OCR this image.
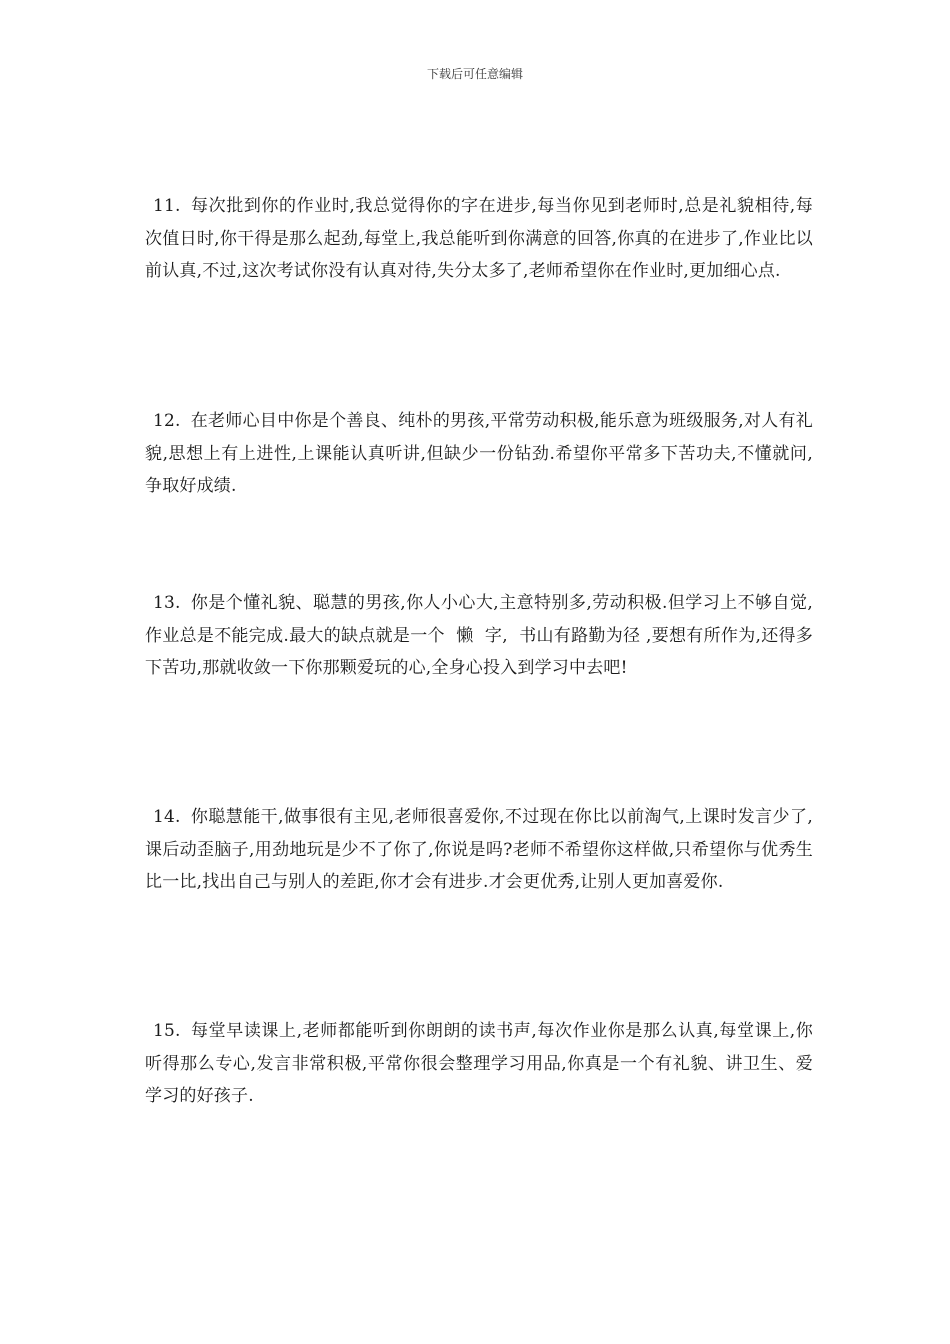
下载后可任意编辑

11. 每次批到你的作业时,我总觉得你的字在进步,每当你见到老师时,总是礼貌相待,每次值日时,你干得是那么起劲,每堂上,我总能听到你满意的回答,你真的在进步了,作业比以前认真,不过,这次考试你没有认真对待,失分太多了,老师希望你在作业时,更加细心点.

12. 在老师心目中你是个善良、纯朴的男孩,平常劳动积极,能乐意为班级服务,对人有礼貌,思想上有上进性,上课能认真听讲,但缺少一份钻劲.希望你平常多下苦功夫,不懂就问,争取好成绩.

13. 你是个懂礼貌、聪慧的男孩,你人小心大,主意特别多,劳动积极.但学习上不够自觉,作业总是不能完成.最大的缺点就是一个  懒  字,  书山有路勤为径 ,要想有所作为,还得多下苦功,那就收敛一下你那颗爱玩的心,全身心投入到学习中去吧!

14. 你聪慧能干,做事很有主见,老师很喜爱你,不过现在你比以前淘气,上课时发言少了,课后动歪脑子,用劲地玩是少不了你了,你说是吗?老师不希望你这样做,只希望你与优秀生比一比,找出自己与别人的差距,你才会有进步.才会更优秀,让别人更加喜爱你.

15. 每堂早读课上,老师都能听到你朗朗的读书声,每次作业你是那么认真,每堂课上,你听得那么专心,发言非常积极,平常你很会整理学习用品,你真是一个有礼貌、讲卫生、爱学习的好孩子.
